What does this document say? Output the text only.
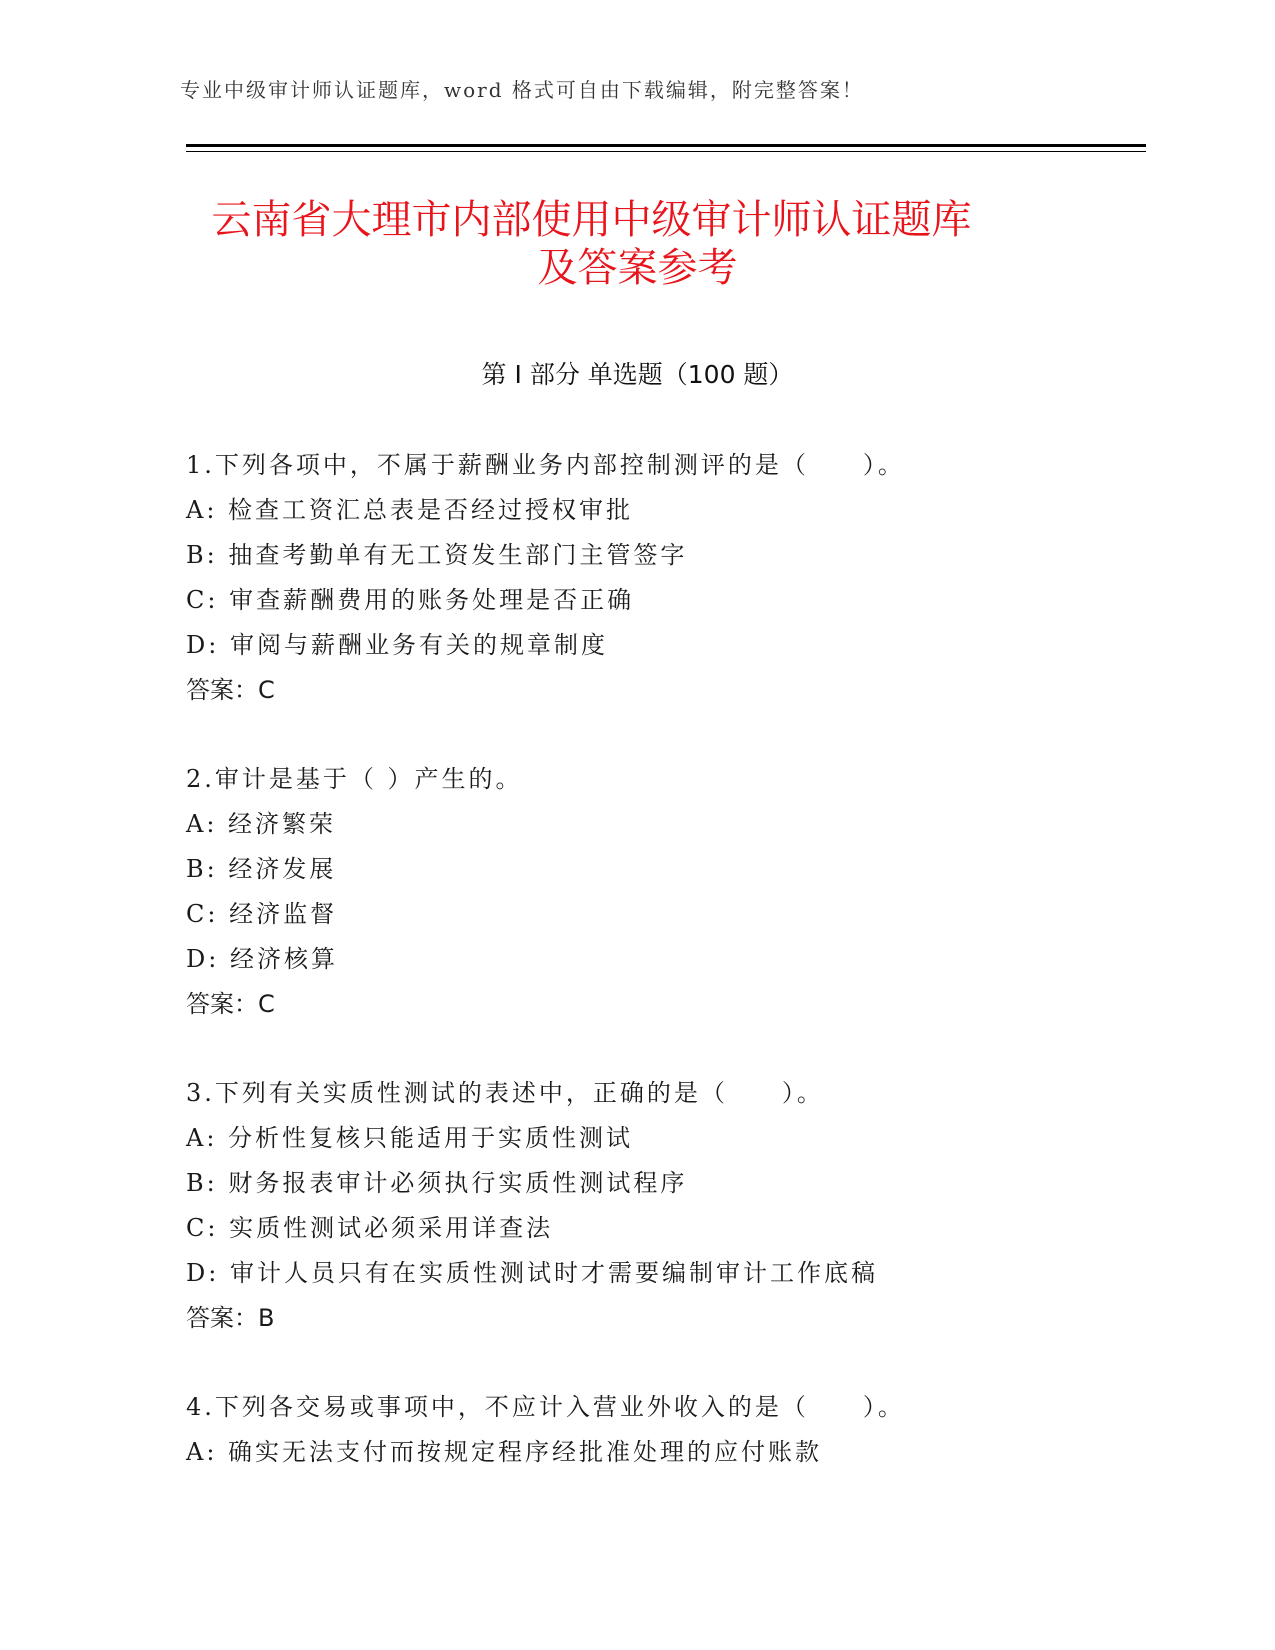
专业中级审计师认证题库，word 格式可自由下载编辑，附完整答案！
云南省大理市内部使用中级审计师认证题库
及答案参考
第 I 部分 单选题（100 题）
1.下列各项中，不属于薪酬业务内部控制测评的是（　　）。
A: 检查工资汇总表是否经过授权审批
B: 抽查考勤单有无工资发生部门主管签字
C: 审查薪酬费用的账务处理是否正确
D: 审阅与薪酬业务有关的规章制度
答案：C
2.审计是基于（ ）产生的。
A: 经济繁荣
B: 经济发展
C: 经济监督
D: 经济核算
答案：C
3.下列有关实质性测试的表述中，正确的是（　　）。
A: 分析性复核只能适用于实质性测试
B: 财务报表审计必须执行实质性测试程序
C: 实质性测试必须采用详查法
D: 审计人员只有在实质性测试时才需要编制审计工作底稿
答案：B
4.下列各交易或事项中，不应计入营业外收入的是（　　）。
A: 确实无法支付而按规定程序经批准处理的应付账款
